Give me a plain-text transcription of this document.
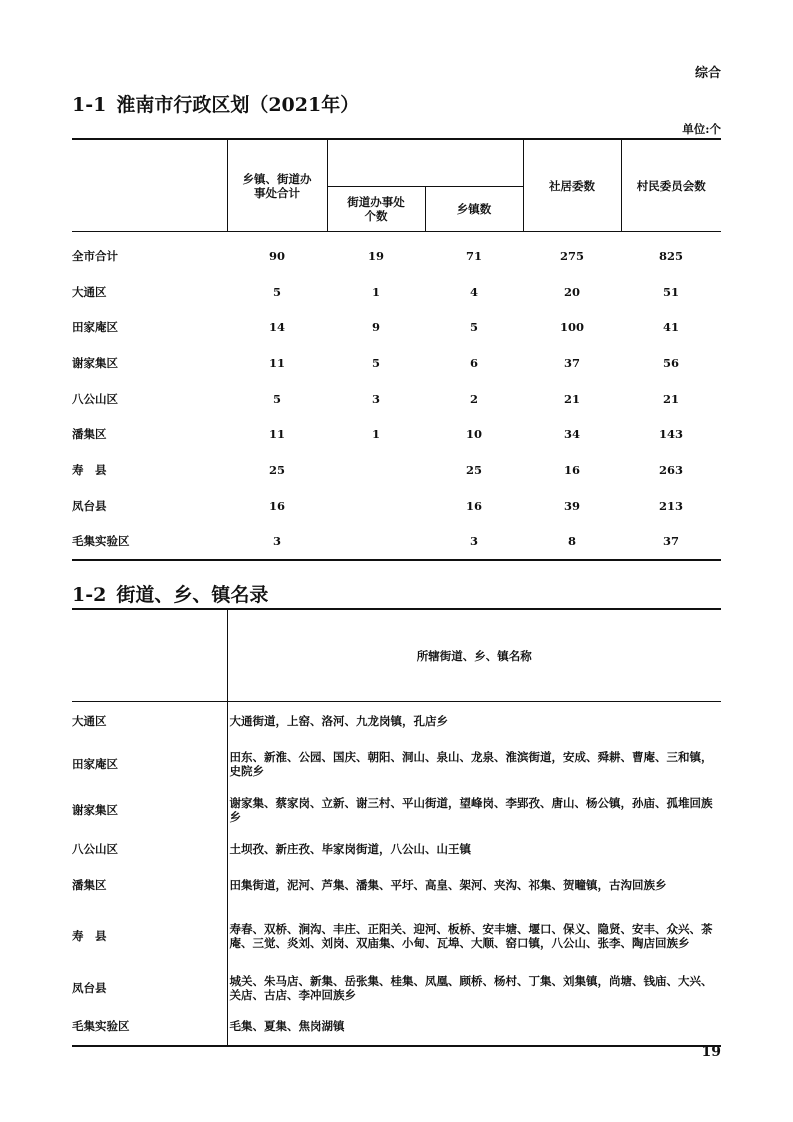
综合
1-1 淮南市行政区划（2021年）
单位:个
	乡镇、街道办事处合计			社居委数	村民委员会数
		街道办事处个数	乡镇数		
全市合计	90	19	71	275	825
大通区	5	1	4	20	51
田家庵区	14	9	5	100	41
谢家集区	11	5	6	37	56
八公山区	5	3	2	21	21
潘集区	11	1	10	34	143
寿　县	25		25	16	263
凤台县	16		16	39	213
毛集实验区	3		3	8	37
1-2 街道、乡、镇名录
	所辖街道、乡、镇名称
大通区	大通街道，上窑、洛河、九龙岗镇，孔店乡
田家庵区	田东、新淮、公园、国庆、朝阳、洞山、泉山、龙泉、淮滨街道，安成、舜耕、曹庵、三和镇，史院乡
谢家集区	谢家集、蔡家岗、立新、谢三村、平山街道，望峰岗、李郢孜、唐山、杨公镇，孙庙、孤堆回族乡
八公山区	土坝孜、新庄孜、毕家岗街道，八公山、山王镇
潘集区	田集街道，泥河、芦集、潘集、平圩、高皇、架河、夹沟、祁集、贺疃镇，古沟回族乡
寿　县	寿春、双桥、涧沟、丰庄、正阳关、迎河、板桥、安丰塘、堰口、保义、隐贤、安丰、众兴、茶庵、三觉、炎刘、刘岗、双庙集、小甸、瓦埠、大顺、窑口镇，八公山、张李、陶店回族乡
凤台县	城关、朱马店、新集、岳张集、桂集、凤凰、顾桥、杨村、丁集、刘集镇，尚塘、钱庙、大兴、关店、古店、李冲回族乡
毛集实验区	毛集、夏集、焦岗湖镇
19
